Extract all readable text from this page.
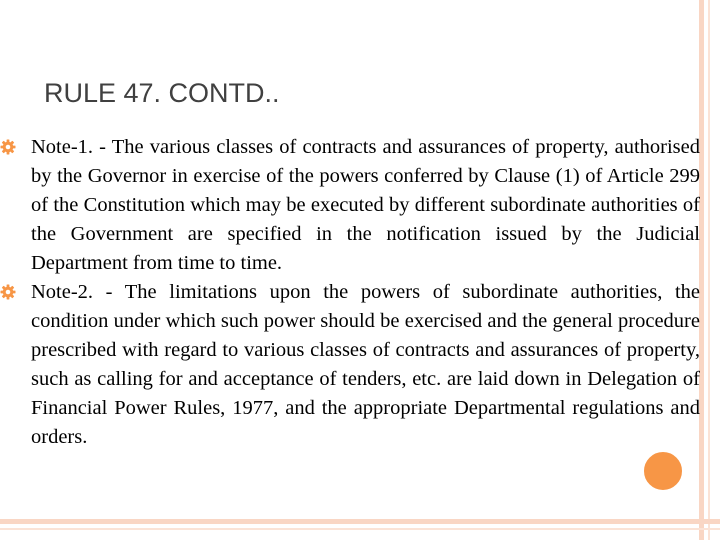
RULE 47. CONTD..
Note-1. - The various classes of contracts and assurances of property, authorised by the Governor in exercise of the powers conferred by Clause (1) of Article 299 of the Constitution which may be executed by different subordinate authorities of the Government are specified in the notification issued by the Judicial Department from time to time.
Note-2. - The limitations upon the powers of subordinate authorities, the condition under which such power should be exercised and the general procedure prescribed with regard to various classes of contracts and assurances of property, such as calling for and acceptance of tenders, etc. are laid down in Delegation of Financial Power Rules, 1977, and the appropriate Departmental regulations and orders.
